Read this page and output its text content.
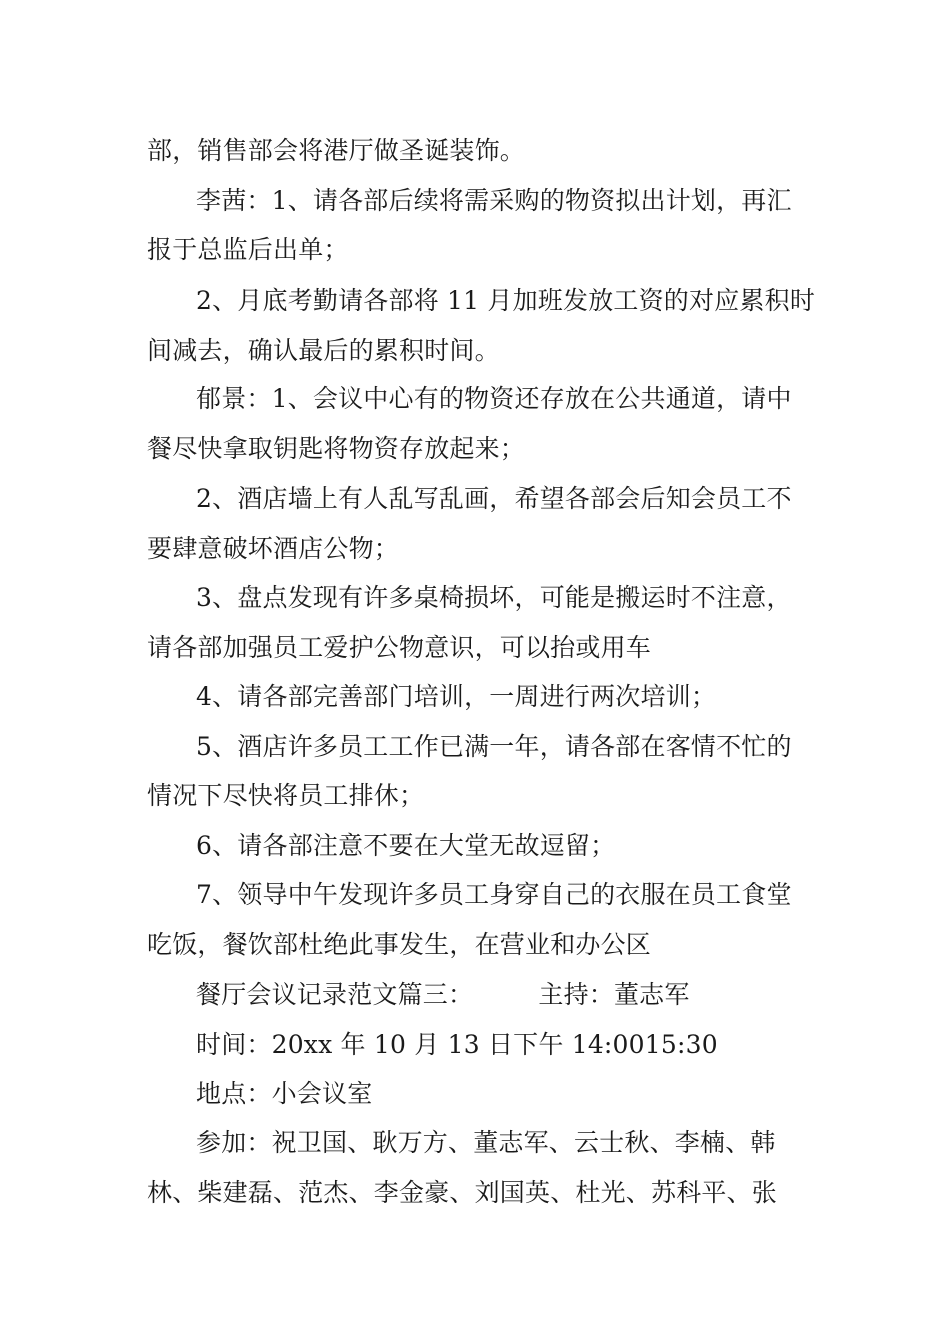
部，销售部会将港厅做圣诞装饰。
李茜：1、请各部后续将需采购的物资拟出计划，再汇
报于总监后出单；
2、月底考勤请各部将 11 月加班发放工资的对应累积时
间减去，确认最后的累积时间。
郁景：1、会议中心有的物资还存放在公共通道，请中
餐尽快拿取钥匙将物资存放起来；
2、酒店墙上有人乱写乱画，希望各部会后知会员工不
要肆意破坏酒店公物；
3、盘点发现有许多桌椅损坏，可能是搬运时不注意，
请各部加强员工爱护公物意识，可以抬或用车
4、请各部完善部门培训，一周进行两次培训；
5、酒店许多员工工作已满一年，请各部在客情不忙的
情况下尽快将员工排休；
6、请各部注意不要在大堂无故逗留；
7、领导中午发现许多员工身穿自己的衣服在员工食堂
吃饭，餐饮部杜绝此事发生，在营业和办公区
餐厅会议记录范文篇三：        主持：董志军
时间：20xx 年 10 月 13 日下午 14:0015:30
地点：小会议室
参加：祝卫国、耿万方、董志军、云士秋、李楠、韩
林、柴建磊、范杰、李金豪、刘国英、杜光、苏科平、张
